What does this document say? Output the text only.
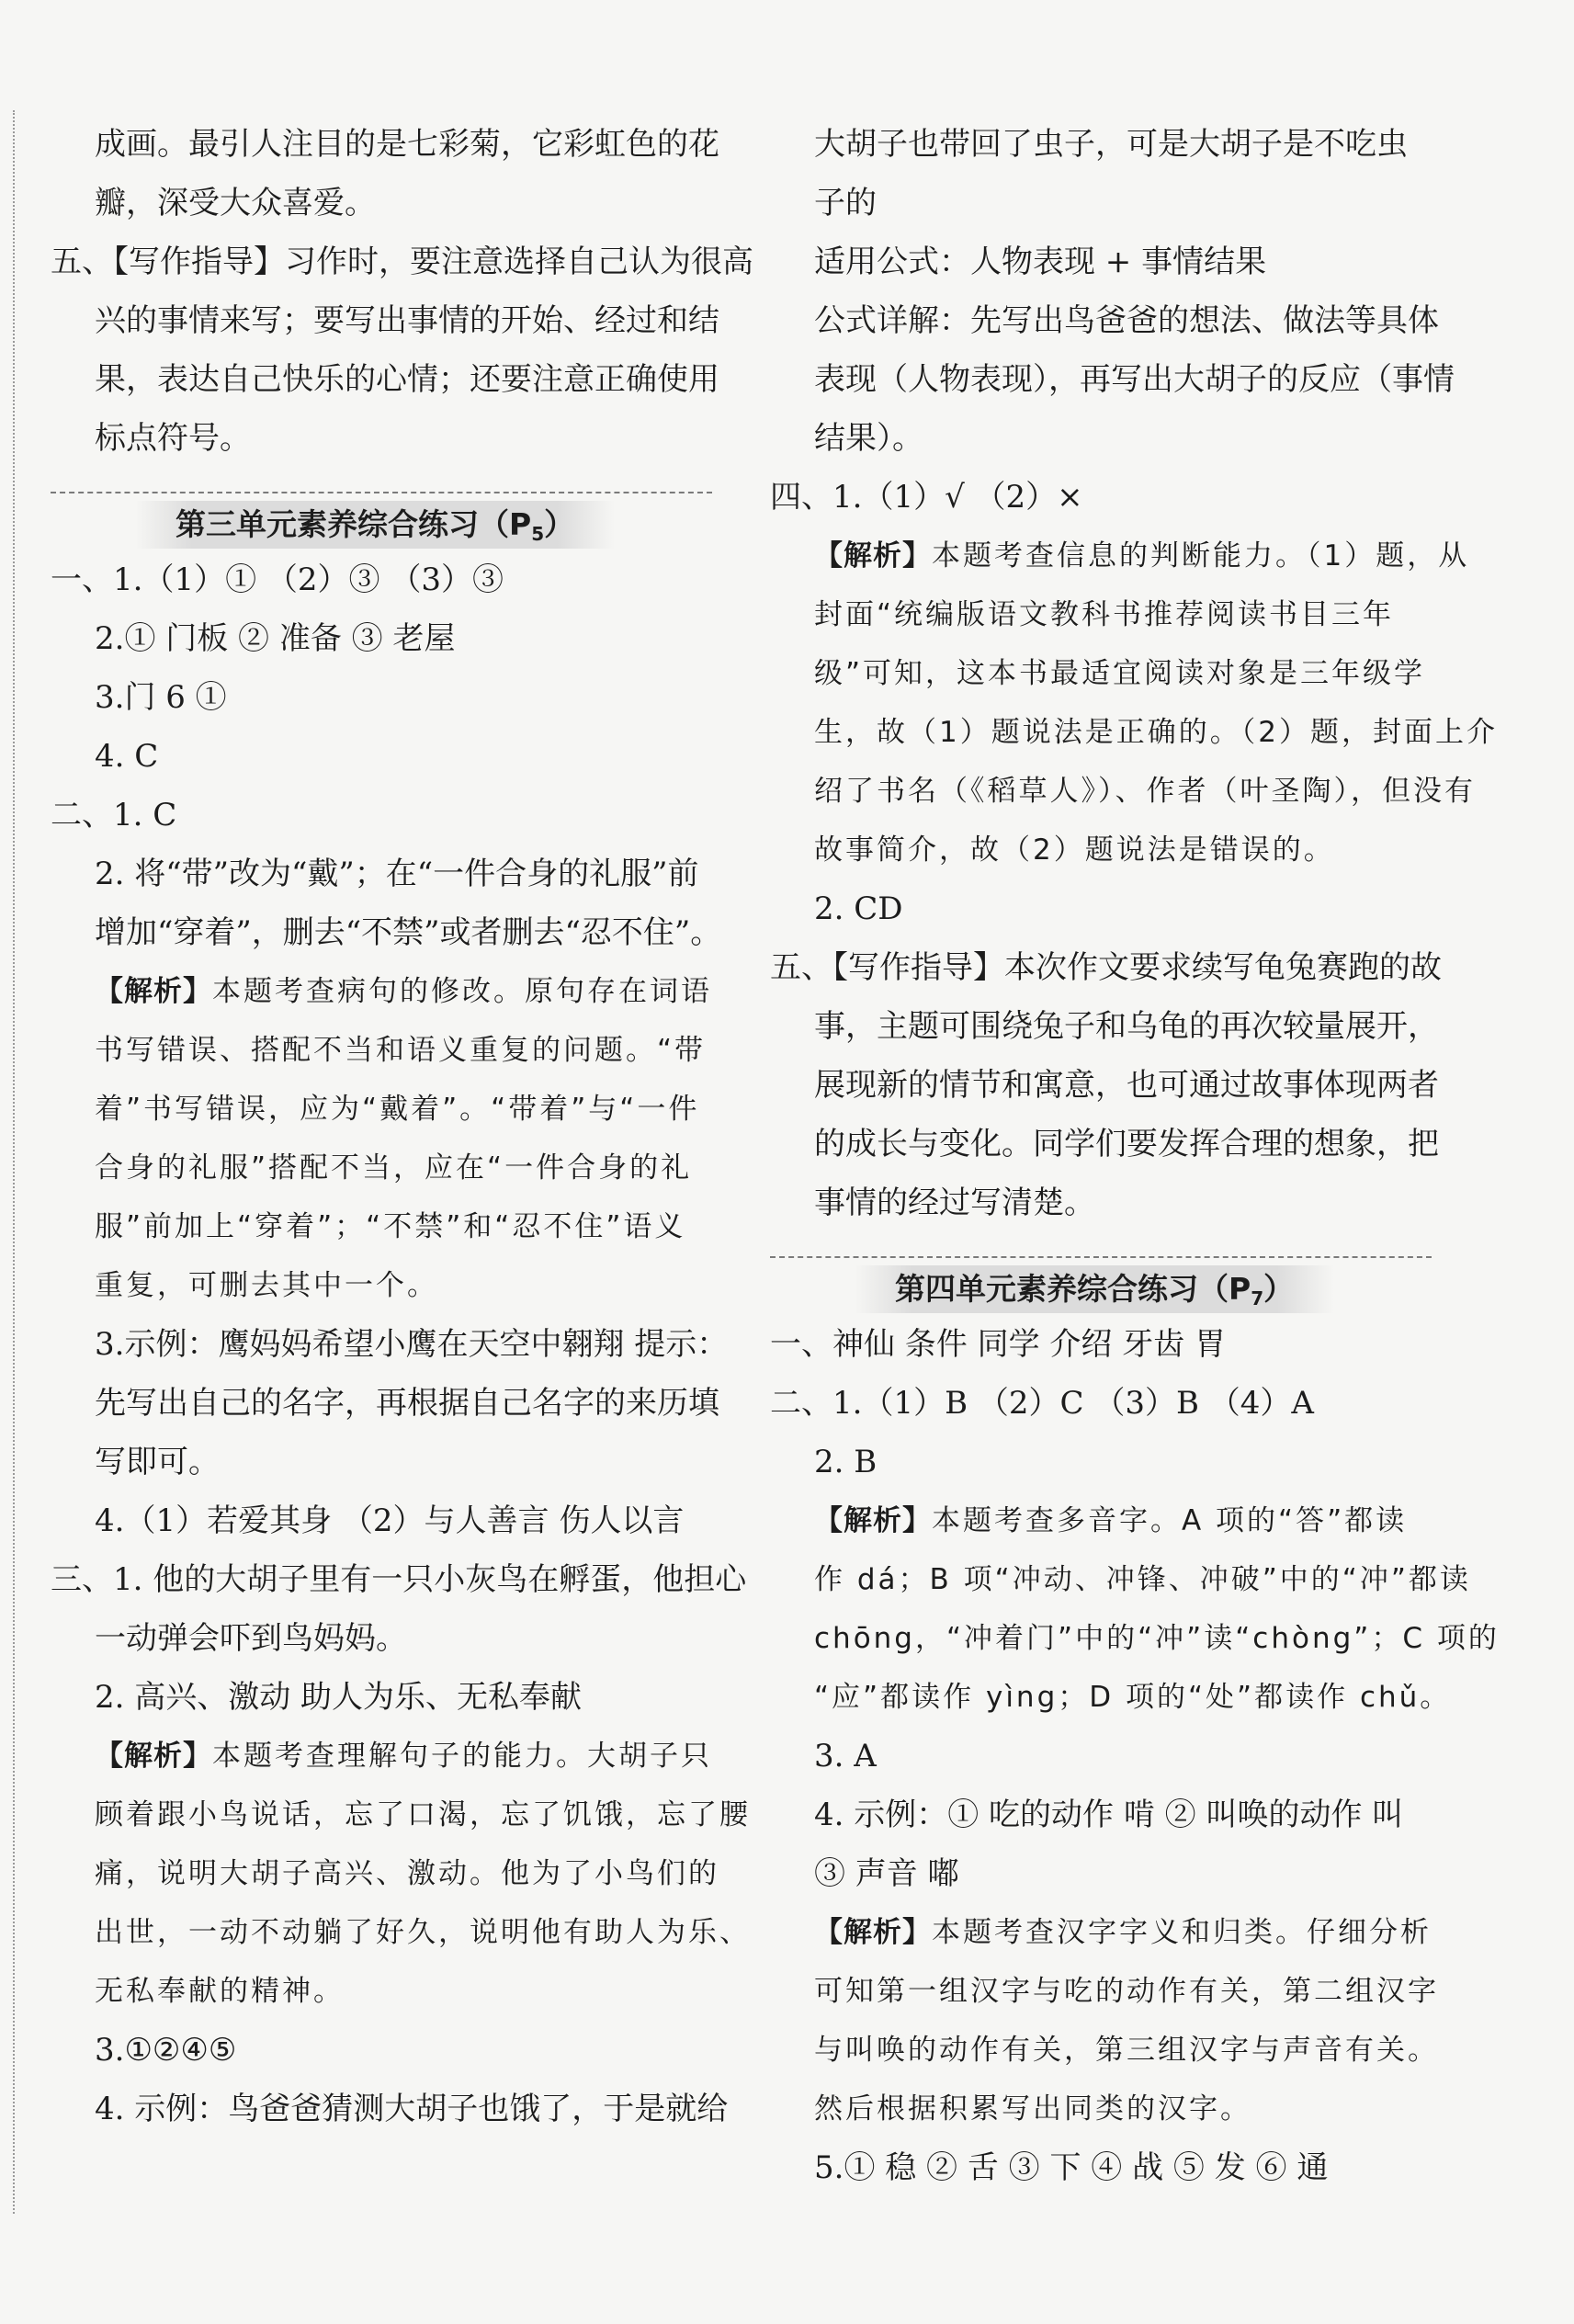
成画。最引人注目的是七彩菊，它彩虹色的花
瓣，深受大众喜爱。
五、【写作指导】习作时，要注意选择自己认为很高
兴的事情来写；要写出事情的开始、经过和结
果，表达自己快乐的心情；还要注意正确使用
标点符号。
第三单元素养综合练习$(P_5)$
一、1.（1）① （2）③ （3）③
2.① 门板 ② 准备 ③ 老屋
3.门 6 ①
4. C
二、1. C
2. 将“带”改为“戴”；在“一件合身的礼服”前
增加“穿着”，删去“不禁”或者删去“忍不住”。
【解析】本题考查病句的修改。原句存在词语
书写错误、搭配不当和语义重复的问题。“带
着”书写错误，应为“戴着”。“带着”与“一件
合身的礼服”搭配不当，应在“一件合身的礼
服”前加上“穿着”；“不禁”和“忍不住”语义
重复，可删去其中一个。
3.示例：鹰妈妈希望小鹰在天空中翱翔 提示：
先写出自己的名字，再根据自己名字的来历填
写即可。
4.（1）若爱其身 （2）与人善言 伤人以言
三、1. 他的大胡子里有一只小灰鸟在孵蛋，他担心
一动弹会吓到鸟妈妈。
2. 高兴、激动 助人为乐、无私奉献
【解析】本题考查理解句子的能力。大胡子只
顾着跟小鸟说话，忘了口渴，忘了饥饿，忘了腰
痛，说明大胡子高兴、激动。他为了小鸟们的
出世，一动不动躺了好久，说明他有助人为乐、
无私奉献的精神。
3.①②④⑤
4. 示例：鸟爸爸猜测大胡子也饿了，于是就给
大胡子也带回了虫子，可是大胡子是不吃虫
子的
适用公式：人物表现 + 事情结果
公式详解：先写出鸟爸爸的想法、做法等具体
表现（人物表现），再写出大胡子的反应（事情
结果）。
四、1.（1）√ （2）×
【解析】本题考查信息的判断能力。（1）题，从
封面“统编版语文教科书推荐阅读书目三年
级”可知，这本书最适宜阅读对象是三年级学
生，故（1）题说法是正确的。（2）题，封面上介
绍了书名（《稻草人》）、作者（叶圣陶），但没有
故事简介，故（2）题说法是错误的。
2. CD
五、【写作指导】本次作文要求续写龟兔赛跑的故
事，主题可围绕兔子和乌龟的再次较量展开，
展现新的情节和寓意，也可通过故事体现两者
的成长与变化。同学们要发挥合理的想象，把
事情的经过写清楚。
第四单元素养综合练习$(P_7)$
一、神仙 条件 同学 介绍 牙齿 胃
二、1.（1）B （2）C （3）B （4）A
2. B
【解析】本题考查多音字。A 项的“答”都读
作 dá；B 项“冲动、冲锋、冲破”中的“冲”都读
chōng，“冲着门”中的“冲”读“chòng”；C 项的
“应”都读作 yìng；D 项的“处”都读作 chǔ。
3. A
4. 示例：① 吃的动作 啃 ② 叫唤的动作 叫
③ 声音 嘟
【解析】本题考查汉字字义和归类。仔细分析
可知第一组汉字与吃的动作有关，第二组汉字
与叫唤的动作有关，第三组汉字与声音有关。
然后根据积累写出同类的汉字。
5.① 稳 ② 舌 ③ 下 ④ 战 ⑤ 发 ⑥ 通
